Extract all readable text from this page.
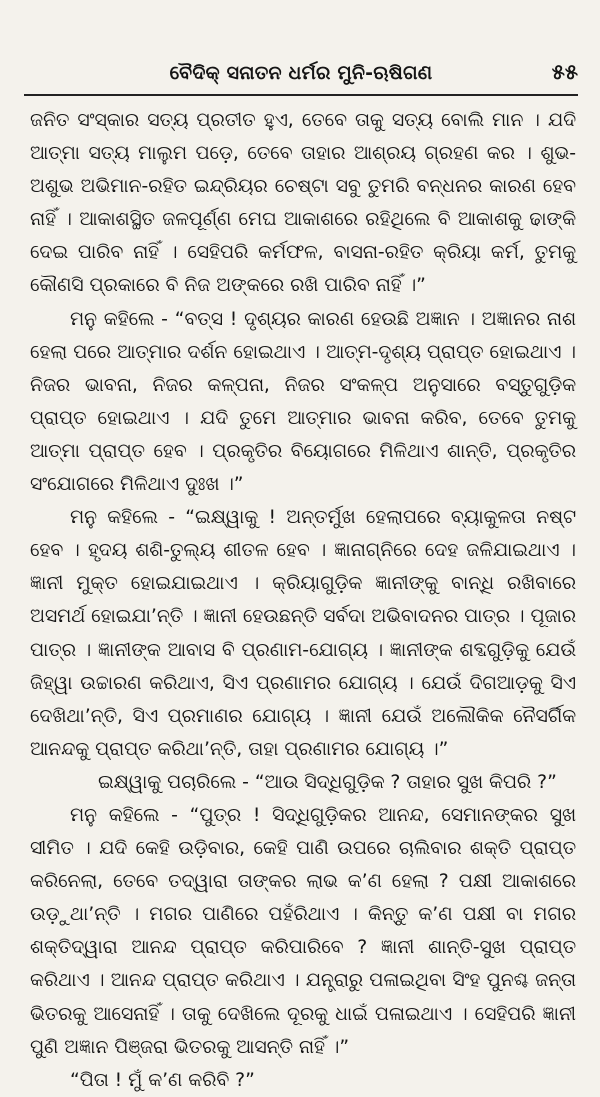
ବୈଦିକ୍ ସନାତନ ଧର୍ମର ମୁନି-ଋଷିଗଣ	୫୫

ଜନିତ ସଂସ୍କାର ସତ୍ୟ ପ୍ରତୀତ ହୁଏ, ତେବେ ତାକୁ ସତ୍ୟ ବୋଲି ମାନ । ଯଦି ଆତ୍ମା ସତ୍ୟ ମାଲୁମ ପଡ଼େ, ତେବେ ତାହାର ଆଶ୍ରୟ ଗ୍ରହଣ କର । ଶୁଭ-ଅଶୁଭ ଅଭିମାନ-ରହିତ ଇନ୍ଦ୍ରିୟର ଚେଷ୍ଟା ସବୁ ତୁମରି ବନ୍ଧନର କାରଣ ହେବ ନାହିଁ । ଆକାଶସ୍ଥିତ ଜଳପୂର୍ଣ୍ଣ ମେଘ ଆକାଶରେ ରହିଥିଲେ ବି ଆକାଶକୁ ଢାଙ୍କି ଦେଇ ପାରିବ ନାହିଁ । ସେହିପରି କର୍ମଫଳ, ବାସନା-ରହିତ କ୍ରିୟା କର୍ମ, ତୁମକୁ କୌଣସି ପ୍ରକାରେ ବି ନିଜ ଅଙ୍କରେ ରଖି ପାରିବ ନାହିଁ ।”

ମନୁ କହିଲେ - “ବତ୍ସ ! ଦୃଶ୍ୟର କାରଣ ହେଉଛି ଅଜ୍ଞାନ । ଅଜ୍ଞାନର ନାଶ ହେଲା ପରେ ଆତ୍ମାର ଦର୍ଶନ ହୋଇଥାଏ । ଆତ୍ମ-ଦୃଶ୍ୟ ପ୍ରାପ୍ତ ହୋଇଥାଏ । ନିଜର ଭାବନା, ନିଜର କଳ୍ପନା, ନିଜର ସଂକଳ୍ପ ଅନୁସାରେ ବସ୍ତୁଗୁଡ଼ିକ ପ୍ରାପ୍ତ ହୋଇଥାଏ । ଯଦି ତୁମେ ଆତ୍ମାର ଭାବନା କରିବ, ତେବେ ତୁମକୁ ଆତ୍ମା ପ୍ରାପ୍ତ ହେବ । ପ୍ରକୃତିର ବିୟୋଗରେ ମିଳିଥାଏ ଶାନ୍ତି, ପ୍ରକୃତିର ସଂଯୋଗରେ ମିଳିଥାଏ ଦୁଃଖ ।”

ମନୁ କହିଲେ - “ଇକ୍ଷ୍ୱାକୁ ! ଅନ୍ତର୍ମୁଖ ହେଲାପରେ ବ୍ୟାକୁଳତା ନଷ୍ଟ ହେବ । ହୃଦୟ ଶଶି-ତୁଲ୍ୟ ଶୀତଳ ହେବ । ଜ୍ଞାନାଗ୍ନିରେ ଦେହ ଜଳିଯାଇଥାଏ । ଜ୍ଞାନୀ ମୁକ୍ତ ହୋଇଯାଇଥାଏ । କ୍ରିୟାଗୁଡ଼ିକ ଜ୍ଞାନୀଙ୍କୁ ବାନ୍ଧି ରଖିବାରେ ଅସମର୍ଥ ହୋଇଯା’ନ୍ତି । ଜ୍ଞାନୀ ହେଉଛନ୍ତି ସର୍ବଦା ଅଭିବାଦନର ପାତ୍ର । ପୂଜାର ପାତ୍ର । ଜ୍ଞାନୀଙ୍କ ଆବାସ ବି ପ୍ରଣାମ-ଯୋଗ୍ୟ । ଜ୍ଞାନୀଙ୍କ ଶବ୍ଦଗୁଡ଼ିକୁ ଯେଉଁ ଜିହ୍ୱା ଉଚ୍ଚାରଣ କରିଥାଏ, ସିଏ ପ୍ରଣାମର ଯୋଗ୍ୟ । ଯେଉଁ ଦିଗଆଡ଼କୁ ସିଏ ଦେଖିଥା’ନ୍ତି, ସିଏ ପ୍ରମାଣର ଯୋଗ୍ୟ । ଜ୍ଞାନୀ ଯେଉଁ ଅଲୌକିକ ନୈସର୍ଗିକ ଆନନ୍ଦକୁ ପ୍ରାପ୍ତ କରିଥା’ନ୍ତି, ତାହା ପ୍ରଣାମର ଯୋଗ୍ୟ ।”

ଇକ୍ଷ୍ୱାକୁ ପଚାରିଲେ - “ଆଉ ସିଦ୍ଧିଗୁଡ଼ିକ ? ତାହାର ସୁଖ କିପରି ?”

ମନୁ କହିଲେ - “ପୁତ୍ର ! ସିଦ୍ଧିଗୁଡ଼ିକର ଆନନ୍ଦ, ସେମାନଙ୍କର ସୁଖ ସୀମିତ । ଯଦି କେହି ଉଡ଼ିବାର, କେହି ପାଣି ଉପରେ ଚାଲିବାର ଶକ୍ତି ପ୍ରାପ୍ତ କରିନେଲା, ତେବେ ତଦ୍ୱାରା ତାଙ୍କର ଲାଭ କ’ଣ ହେଲା ? ପକ୍ଷୀ ଆକାଶରେ ଉଡ଼ୁଥା’ନ୍ତି । ମଗର ପାଣିରେ ପହଁରିଥାଏ । କିନ୍ତୁ କ’ଣ ପକ୍ଷୀ ବା ମଗର ଶକ୍ତିଦ୍ୱାରା ଆନନ୍ଦ ପ୍ରାପ୍ତ କରିପାରିବେ ? ଜ୍ଞାନୀ ଶାନ୍ତି-ସୁଖ ପ୍ରାପ୍ତ କରିଥାଏ । ଆନନ୍ଦ ପ୍ରାପ୍ତ କରିଥାଏ । ଯନ୍ତ୍ରାରୁ ପଳାଇଥିବା ସିଂହ ପୁନଶ୍ଚ ଜନ୍ତା ଭିତରକୁ ଆସେନାହିଁ । ତାକୁ ଦେଖିଲେ ଦୂରକୁ ଧାଇଁ ପଳାଇଥାଏ । ସେହିପରି ଜ୍ଞାନୀ ପୁଣି ଅଜ୍ଞାନ ପିଞ୍ଜରା ଭିତରକୁ ଆସନ୍ତି ନାହିଁ ।”

“ପିତା ! ମୁଁ କ’ଣ କରିବି ?”
